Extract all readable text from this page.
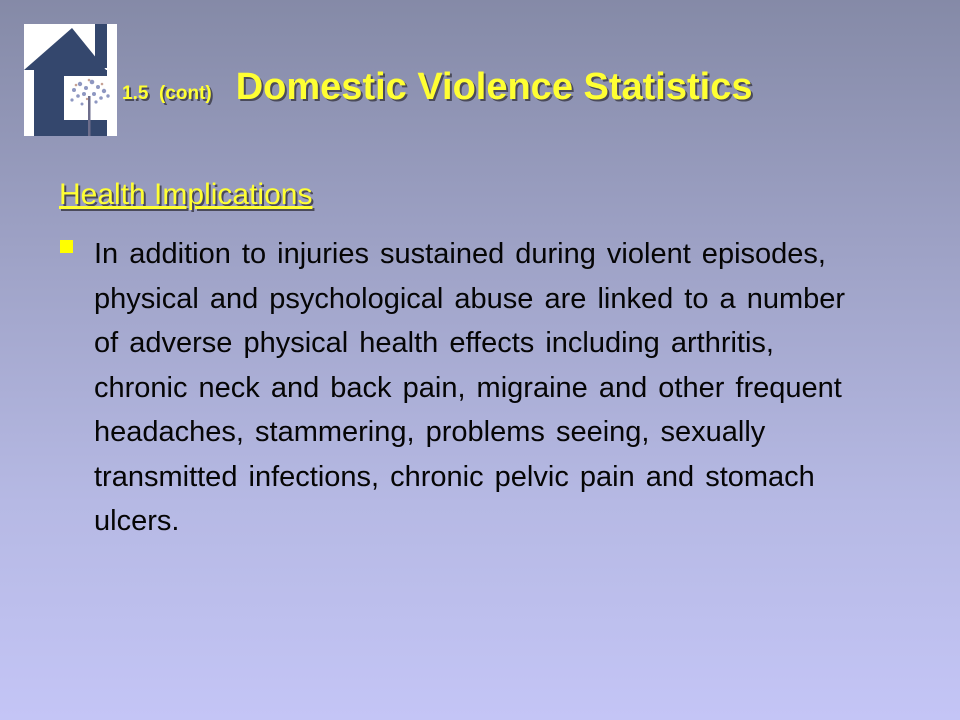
1.5  (cont) Domestic Violence Statistics
Health Implications
In addition to injuries sustained during violent episodes, physical and psychological abuse are linked to a number of adverse physical health effects including arthritis, chronic neck and back pain, migraine and other frequent headaches, stammering, problems seeing, sexually transmitted infections, chronic pelvic pain and stomach ulcers.
